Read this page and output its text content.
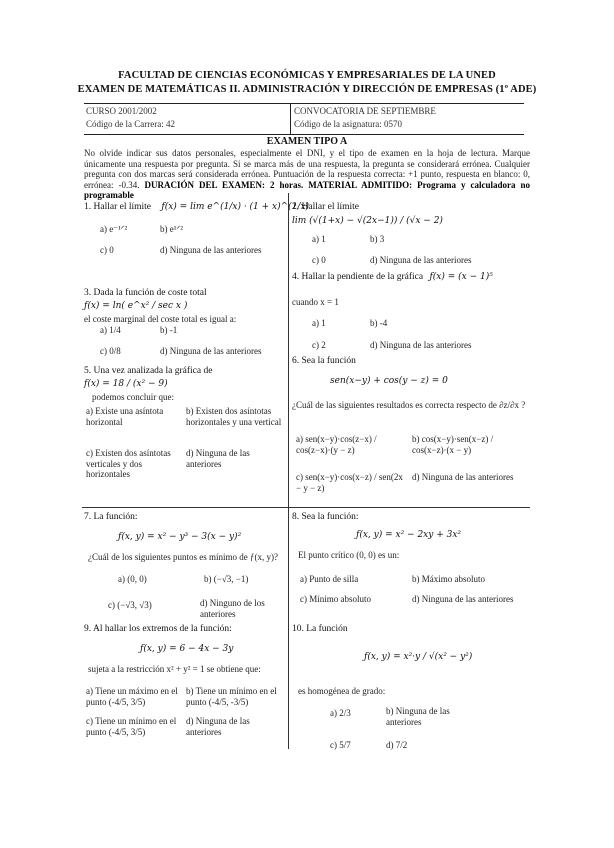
FACULTAD DE CIENCIAS ECONÓMICAS Y EMPRESARIALES DE LA UNED
EXAMEN DE MATEMÁTICAS II. ADMINISTRACIÓN Y DIRECCIÓN DE EMPRESAS (1º ADE)
CURSO 2001/2002
Código de la Carrera: 42
CONVOCATORIA DE SEPTIEMBRE
Código de la asignatura: 0570
EXAMEN TIPO A
No olvide indicar sus datos personales, especialmente el DNI, y el tipo de examen en la hoja de lectura. Marque únicamente una respuesta por pregunta. Si se marca más de una respuesta, la pregunta se considerará errónea. Cualquier pregunta con dos marcas será considerada errónea. Puntuación de la respuesta correcta: +1 punto, respuesta en blanco: 0, errónea: -0.34. DURACIÓN DEL EXAMEN: 2 horas. MATERIAL ADMITIDO: Programa y calculadora no programable
1. Hallar el límite ƒ(x) = lim e^(1/x) · (1 + x)^(1/x)
a) e⁻¹ᐟ²	b) e¹ᐟ²
c) 0	d) Ninguna de las anteriores
2. Hallar el límite
lim (√(1+x) − √(2x−1)) / (√x − 2)
a) 1	b) 3
c) 0	d) Ninguna de las anteriores
3. Dada la función de coste total
ƒ(x) = ln( e^x² / sec x )
el coste marginal del coste total es igual a:
a) 1/4	b) -1
c) 0/8	d) Ninguna de las anteriores
4. Hallar la pendiente de la gráfica ƒ(x) = (x − 1)⁵
cuando x = 1
a) 1	b) -4
c) 2	d) Ninguna de las anteriores
5. Una vez analizada la gráfica de
f(x) = 18 / (x² − 9)
podemos concluir que:
a) Existe una asíntota horizontal
b) Existen dos asíntotas horizontales y una vertical
c) Existen dos asíntotas verticales y dos horizontales
d) Ninguna de las anteriores
6. Sea la función
sen(x−y) + cos(y − z) = 0
¿Cuál de las siguientes resultados es correcta respecto de ∂z/∂x ?
a) sen(x−y)·cos(z−x) / cos(z−x)·(y − z)
b) cos(x−y)·sen(x−z) / cos(x−z)·(x − y)
c) sen(x−y)·cos(x−z) / sen(2x − y − z)
d) Ninguna de las anteriores
7. La función:
ƒ(x, y) = x² − y³ − 3(x − y)²
¿Cuál de los siguientes puntos es mínimo de ƒ(x, y)?
a) (0, 0)	b) (−√3, −1)
c) (−√3, √3)	d) Ninguno de los anteriores
8. Sea la función:
ƒ(x, y) = x² − 2xy + 3x²
El punto crítico (0, 0) es un:
a) Punto de silla	b) Máximo absoluto
c) Mínimo absoluto	d) Ninguna de las anteriores
9. Al hallar los extremos de la función:
ƒ(x, y) = 6 − 4x − 3y
sujeta a la restricción x² + y² = 1 se obtiene que:
a) Tiene un máximo en el punto (-4/5, 3/5)
b) Tiene un mínimo en el punto (-4/5, -3/5)
c) Tiene un mínimo en el punto (-4/5, 3/5)
d) Ninguna de las anteriores
10. La función
ƒ(x, y) = x²·y / √(x² − y²)
es homogénea de grado:
a) 2/3	b) Ninguna de las anteriores
c) 5/7	d) 7/2
